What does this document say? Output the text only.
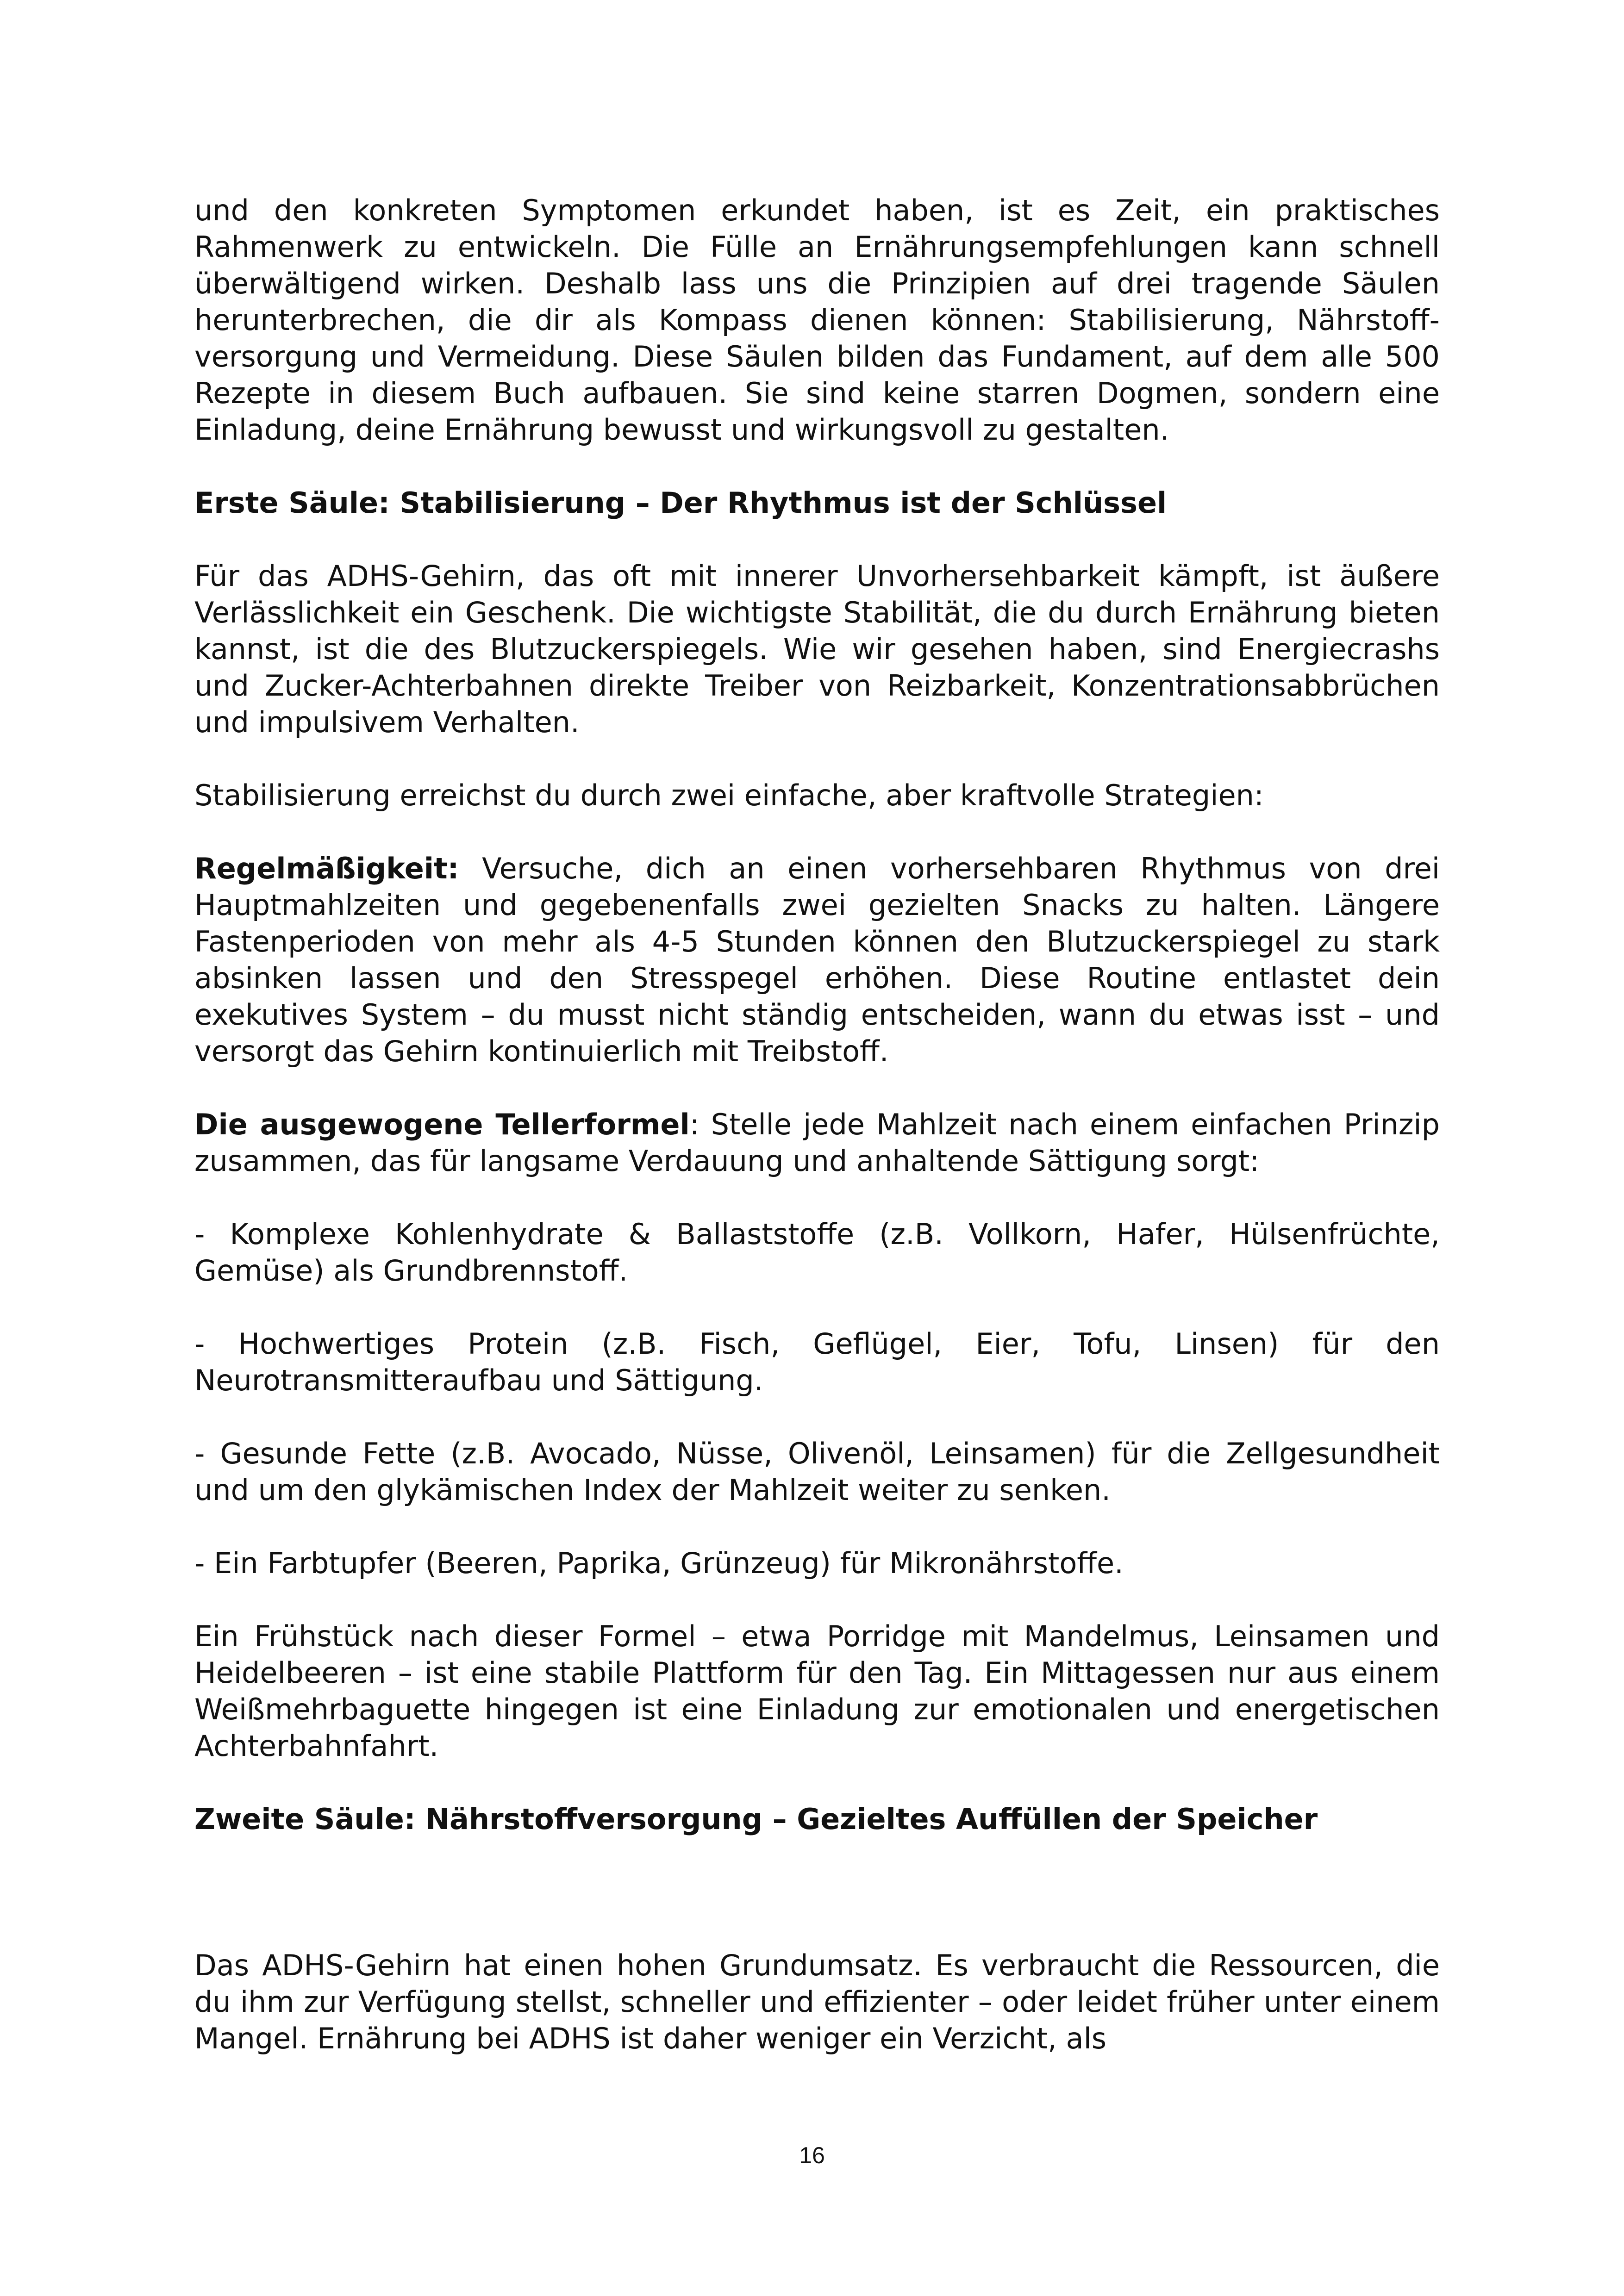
und den konkreten Symptomen erkundet haben, ist es Zeit, ein praktisches Rahmenwerk zu entwickeln. Die Fülle an Ernährungsempfehlungen kann schnell überwältigend wirken. Deshalb lass uns die Prinzipien auf drei tragende Säulen herunterbrechen, die dir als Kompass dienen können: Stabilisierung, Nährstoff-versorgung und Vermeidung. Diese Säulen bilden das Fundament, auf dem alle 500 Rezepte in diesem Buch aufbauen. Sie sind keine starren Dogmen, sondern eine Einladung, deine Ernährung bewusst und wirkungsvoll zu gestalten.

Erste Säule: Stabilisierung – Der Rhythmus ist der Schlüssel

Für das ADHS-Gehirn, das oft mit innerer Unvorhersehbarkeit kämpft, ist äußere Verlässlichkeit ein Geschenk. Die wichtigste Stabilität, die du durch Ernährung bieten kannst, ist die des Blutzuckerspiegels. Wie wir gesehen haben, sind Energiecrashs und Zucker-Achterbahnen direkte Treiber von Reizbarkeit, Konzentrationsabbrüchen und impulsivem Verhalten.

Stabilisierung erreichst du durch zwei einfache, aber kraftvolle Strategien:

Regelmäßigkeit: Versuche, dich an einen vorhersehbaren Rhythmus von drei Hauptmahlzeiten und gegebenenfalls zwei gezielten Snacks zu halten. Längere Fastenperioden von mehr als 4-5 Stunden können den Blutzuckerspiegel zu stark absinken lassen und den Stresspegel erhöhen. Diese Routine entlastet dein exekutives System – du musst nicht ständig entscheiden, wann du etwas isst – und versorgt das Gehirn kontinuierlich mit Treibstoff.

Die ausgewogene Tellerformel: Stelle jede Mahlzeit nach einem einfachen Prinzip zusammen, das für langsame Verdauung und anhaltende Sättigung sorgt:

- Komplexe Kohlenhydrate & Ballaststoffe (z.B. Vollkorn, Hafer, Hülsenfrüchte, Gemüse) als Grundbrennstoff.

- Hochwertiges Protein (z.B. Fisch, Geflügel, Eier, Tofu, Linsen) für den Neurotransmitteraufbau und Sättigung.

- Gesunde Fette (z.B. Avocado, Nüsse, Olivenöl, Leinsamen) für die Zellgesundheit und um den glykämischen Index der Mahlzeit weiter zu senken.

- Ein Farbtupfer (Beeren, Paprika, Grünzeug) für Mikronährstoffe.

Ein Frühstück nach dieser Formel – etwa Porridge mit Mandelmus, Leinsamen und Heidelbeeren – ist eine stabile Plattform für den Tag. Ein Mittagessen nur aus einem Weißmehrbaguette hingegen ist eine Einladung zur emotionalen und energetischen Achterbahnfahrt.

Zweite Säule: Nährstoffversorgung – Gezieltes Auffüllen der Speicher

Das ADHS-Gehirn hat einen hohen Grundumsatz. Es verbraucht die Ressourcen, die du ihm zur Verfügung stellst, schneller und effizienter – oder leidet früher unter einem Mangel. Ernährung bei ADHS ist daher weniger ein Verzicht, als

16
